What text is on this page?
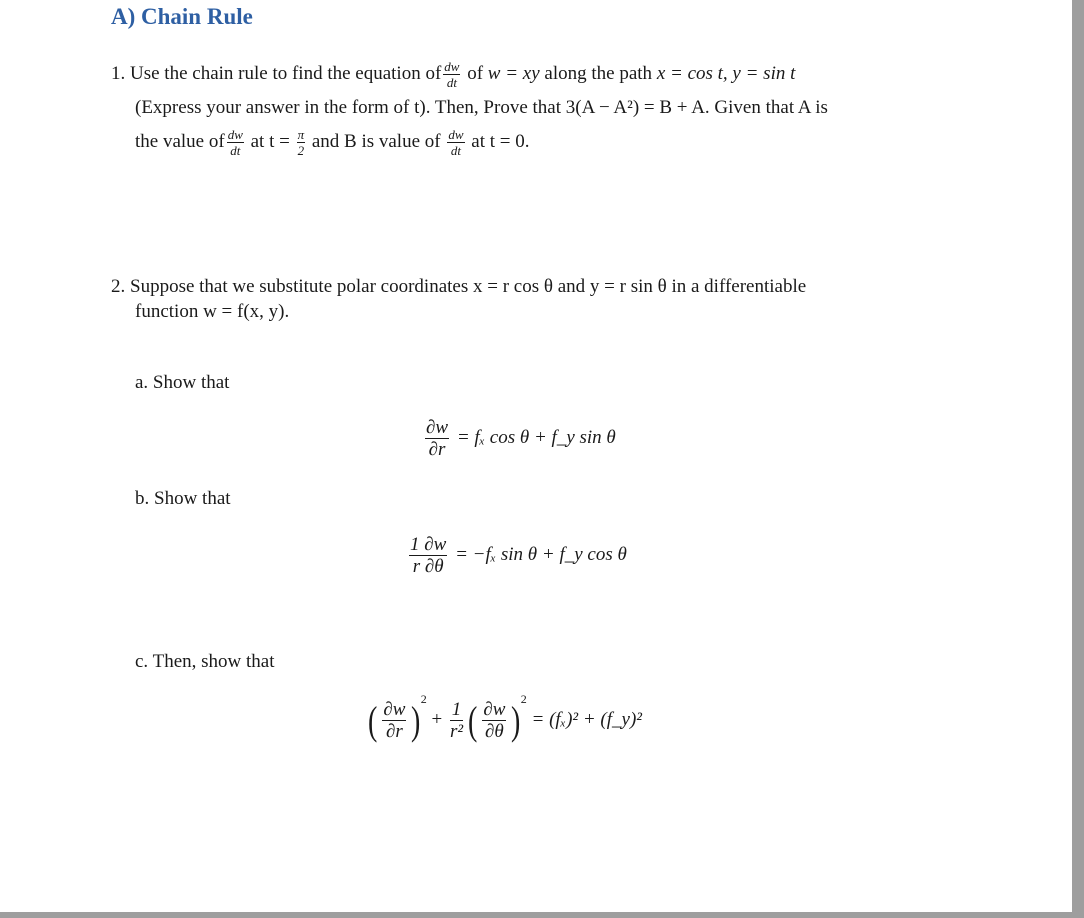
A) Chain Rule
1. Use the chain rule to find the equation of $\frac{dw}{dt}$ of w = xy along the path x = cos t, y = sin t
(Express your answer in the form of t). Then, Prove that 3(A − A²) = B + A. Given that A is
the value of $\frac{dw}{dt}$ at $t = \frac{\pi}{2}$ and B is value of $\frac{dw}{dt}$ at t = 0.
2. Suppose that we substitute polar coordinates x = r cos θ and y = r sin θ in a differentiable
function w = f(x, y).
a. Show that
$\frac{\partial w}{\partial r} = f_x$ cos θ + f_y sin θ
b. Show that
$\frac{1 \partial w}{r \partial\theta} = -f_x$ sin θ + f_y cos θ
c. Then, show that
( $\frac{\partial w}{\partial r} )^2 + \frac{1}{\text{r²}}$ ( $\frac{\partial w}{\partial\theta} )^2 = (f_x)^2$ + (f_y)²
